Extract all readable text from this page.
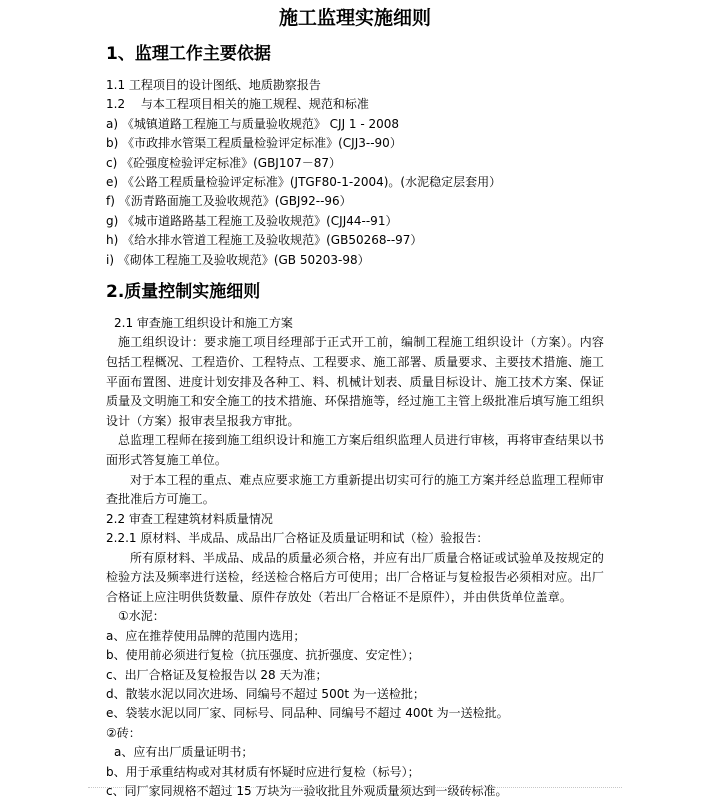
施工监理实施细则
1、监理工作主要依据

1.1 工程项目的设计图纸、地质勘察报告

1.2　 与本工程项目相关的施工规程、规范和标准

a) 《城镇道路工程施工与质量验收规范》 CJJ 1 - 2008

b) 《市政排水管渠工程质量检验评定标准》(CJJ3--90）

c) 《砼强度检验评定标准》(GBJ107－87）

e) 《公路工程质量检验评定标准》(JTGF80-1-2004)。(水泥稳定层套用）

f) 《沥青路面施工及验收规范》(GBJ92--96）

g) 《城市道路路基工程施工及验收规范》(CJJ44--91）

h) 《给水排水管道工程施工及验收规范》(GB50268--97）

i) 《砌体工程施工及验收规范》(GB 50203-98）

2.质量控制实施细则

2.1 审查施工组织设计和施工方案

施工组织设计：要求施工项目经理部于正式开工前，编制工程施工组织设计（方案）。内容包括工程概况、工程造价、工程特点、工程要求、施工部署、质量要求、主要技术措施、施工平面布置图、进度计划安排及各种工、料、机械计划表、质量目标设计、施工技术方案、保证质量及文明施工和安全施工的技术措施、环保措施等，经过施工主管上级批准后填写施工组织设计（方案）报审表呈报我方审批。

总监理工程师在接到施工组织设计和施工方案后组织监理人员进行审核，再将审查结果以书面形式答复施工单位。

对于本工程的重点、难点应要求施工方重新提出切实可行的施工方案并经总监理工程师审查批准后方可施工。

2.2 审查工程建筑材料质量情况

2.2.1 原材料、半成品、成品出厂合格证及质量证明和试（检）验报告：

所有原材料、半成品、成品的质量必须合格，并应有出厂质量合格证或试验单及按规定的检验方法及频率进行送检，经送检合格后方可使用；出厂合格证与复检报告必须相对应。出厂合格证上应注明供货数量、原件存放处（若出厂合格证不是原件），并由供货单位盖章。

①水泥：

a、应在推荐使用品牌的范围内选用；

b、使用前必须进行复检（抗压强度、抗折强度、安定性）；

c、出厂合格证及复检报告以 28 天为准；

d、散装水泥以同次进场、同编号不超过 500t 为一送检批；

e、袋装水泥以同厂家、同标号、同品种、同编号不超过 400t 为一送检批。

②砖：

a、应有出厂质量证明书；

b、用于承重结构或对其材质有怀疑时应进行复检（标号）；

c、同厂家同规格不超过 15 万块为一验收批且外观质量须达到一级砖标准。
